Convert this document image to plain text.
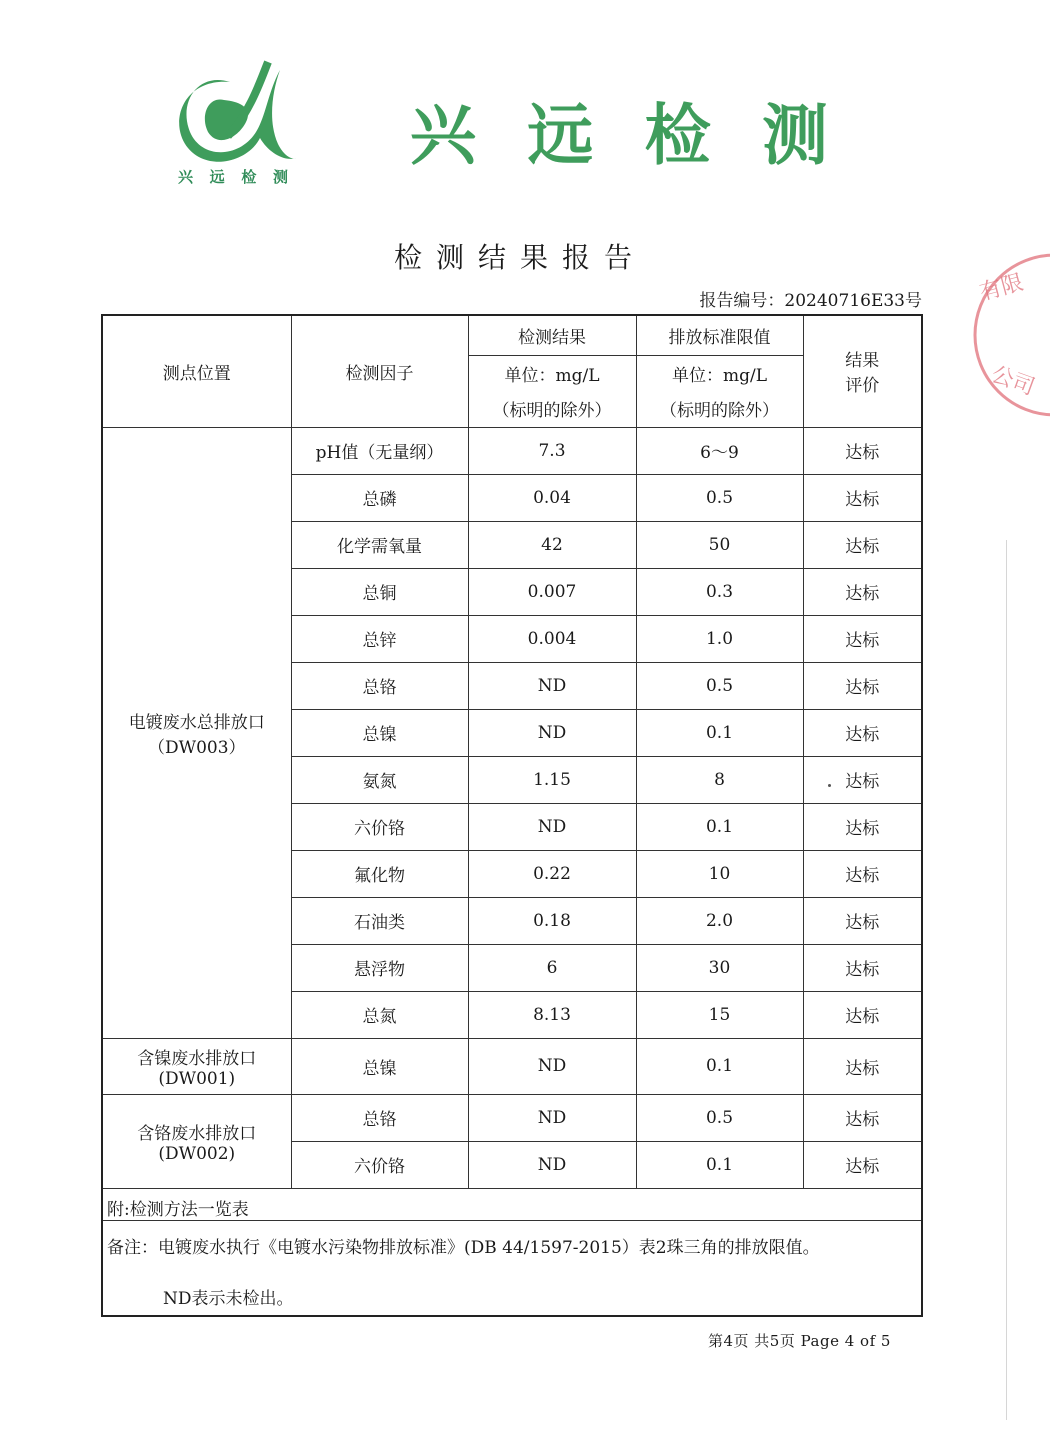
兴 远 检 测
兴 远 检 测
有限
公司
检测结果报告
报告编号：20240716E33号
测点位置	检测因子	检测结果	排放标准限值	结果
评价

		单位：mg/L	单位：mg/L	
		（标明的除外）	（标明的除外）	

电镀废水总排放口
（DW003）	pH值（无量纲）	7.3	6～9	达标
	总磷	0.04	0.5	达标
	化学需氧量	42	50	达标
	总铜	0.007	0.3	达标
	总锌	0.004	1.0	达标
	总铬	ND	0.5	达标
	总镍	ND	0.1	达标
	氨氮	1.15	8	达标
	六价铬	ND	0.1	达标
	氟化物	0.22	10	达标
	石油类	0.18	2.0	达标
	悬浮物	6	30	达标
	总氮	8.13	15	达标

含镍废水排放口
(DW001)	总镍	ND	0.1	达标

含铬废水排放口
(DW002)	总铬	ND	0.5	达标
	六价铬	ND	0.1	达标
附:检测方法一览表				

备注：电镀废水执行《电镀水污染物排放标准》(DB 44/1597-2015）表2珠三角的排放限值。
ND表示未检出。				
第4页 共5页 Page 4 of 5
